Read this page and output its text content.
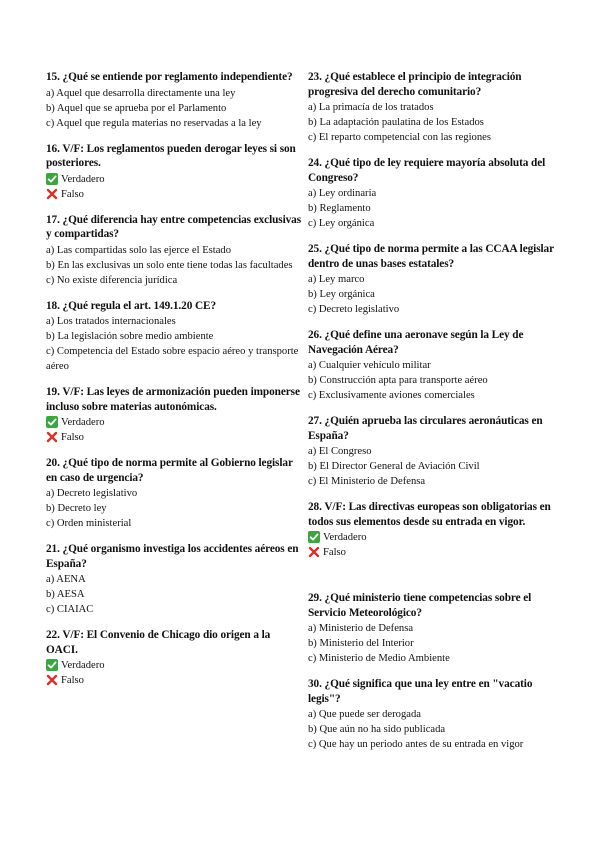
15. ¿Qué se entiende por reglamento independiente?
a) Aquel que desarrolla directamente una ley
b) Aquel que se aprueba por el Parlamento
c) Aquel que regula materias no reservadas a la ley
16. V/F: Los reglamentos pueden derogar leyes si son posteriores.
Verdadero
Falso
17. ¿Qué diferencia hay entre competencias exclusivas y compartidas?
a) Las compartidas solo las ejerce el Estado
b) En las exclusivas un solo ente tiene todas las facultades
c) No existe diferencia jurídica
18. ¿Qué regula el art. 149.1.20 CE?
a) Los tratados internacionales
b) La legislación sobre medio ambiente
c) Competencia del Estado sobre espacio aéreo y transporte aéreo
19. V/F: Las leyes de armonización pueden imponerse incluso sobre materias autonómicas.
Verdadero
Falso
20. ¿Qué tipo de norma permite al Gobierno legislar en caso de urgencia?
a) Decreto legislativo
b) Decreto ley
c) Orden ministerial
21. ¿Qué organismo investiga los accidentes aéreos en España?
a) AENA
b) AESA
c) CIAIAC
22. V/F: El Convenio de Chicago dio origen a la OACI.
Verdadero
Falso
23. ¿Qué establece el principio de integración progresiva del derecho comunitario?
a) La primacía de los tratados
b) La adaptación paulatina de los Estados
c) El reparto competencial con las regiones
24. ¿Qué tipo de ley requiere mayoría absoluta del Congreso?
a) Ley ordinaria
b) Reglamento
c) Ley orgánica
25. ¿Qué tipo de norma permite a las CCAA legislar dentro de unas bases estatales?
a) Ley marco
b) Ley orgánica
c) Decreto legislativo
26. ¿Qué define una aeronave según la Ley de Navegación Aérea?
a) Cualquier vehículo militar
b) Construcción apta para transporte aéreo
c) Exclusivamente aviones comerciales
27. ¿Quién aprueba las circulares aeronáuticas en España?
a) El Congreso
b) El Director General de Aviación Civil
c) El Ministerio de Defensa
28. V/F: Las directivas europeas son obligatorias en todos sus elementos desde su entrada en vigor.
Verdadero
Falso
29. ¿Qué ministerio tiene competencias sobre el Servicio Meteorológico?
a) Ministerio de Defensa
b) Ministerio del Interior
c) Ministerio de Medio Ambiente
30. ¿Qué significa que una ley entre en "vacatio legis"?
a) Que puede ser derogada
b) Que aún no ha sido publicada
c) Que hay un periodo antes de su entrada en vigor
